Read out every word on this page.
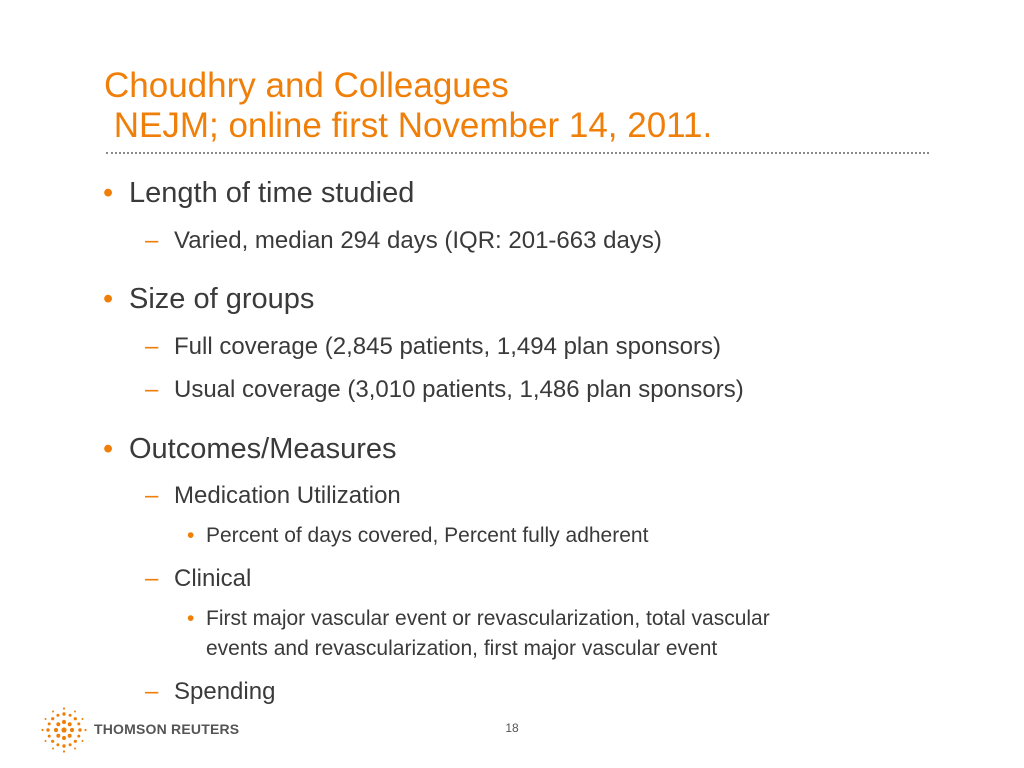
Choudhry and Colleagues
NEJM; online first November 14, 2011.
• Length of time studied
– Varied, median 294 days (IQR: 201-663 days)
• Size of groups
– Full coverage (2,845 patients, 1,494 plan sponsors)
– Usual coverage (3,010 patients, 1,486 plan sponsors)
• Outcomes/Measures
– Medication Utilization
• Percent of days covered, Percent fully adherent
– Clinical
• First major vascular event or revascularization, total vascular
events and revascularization, first major vascular event
– Spending
THOMSON REUTERS	18
